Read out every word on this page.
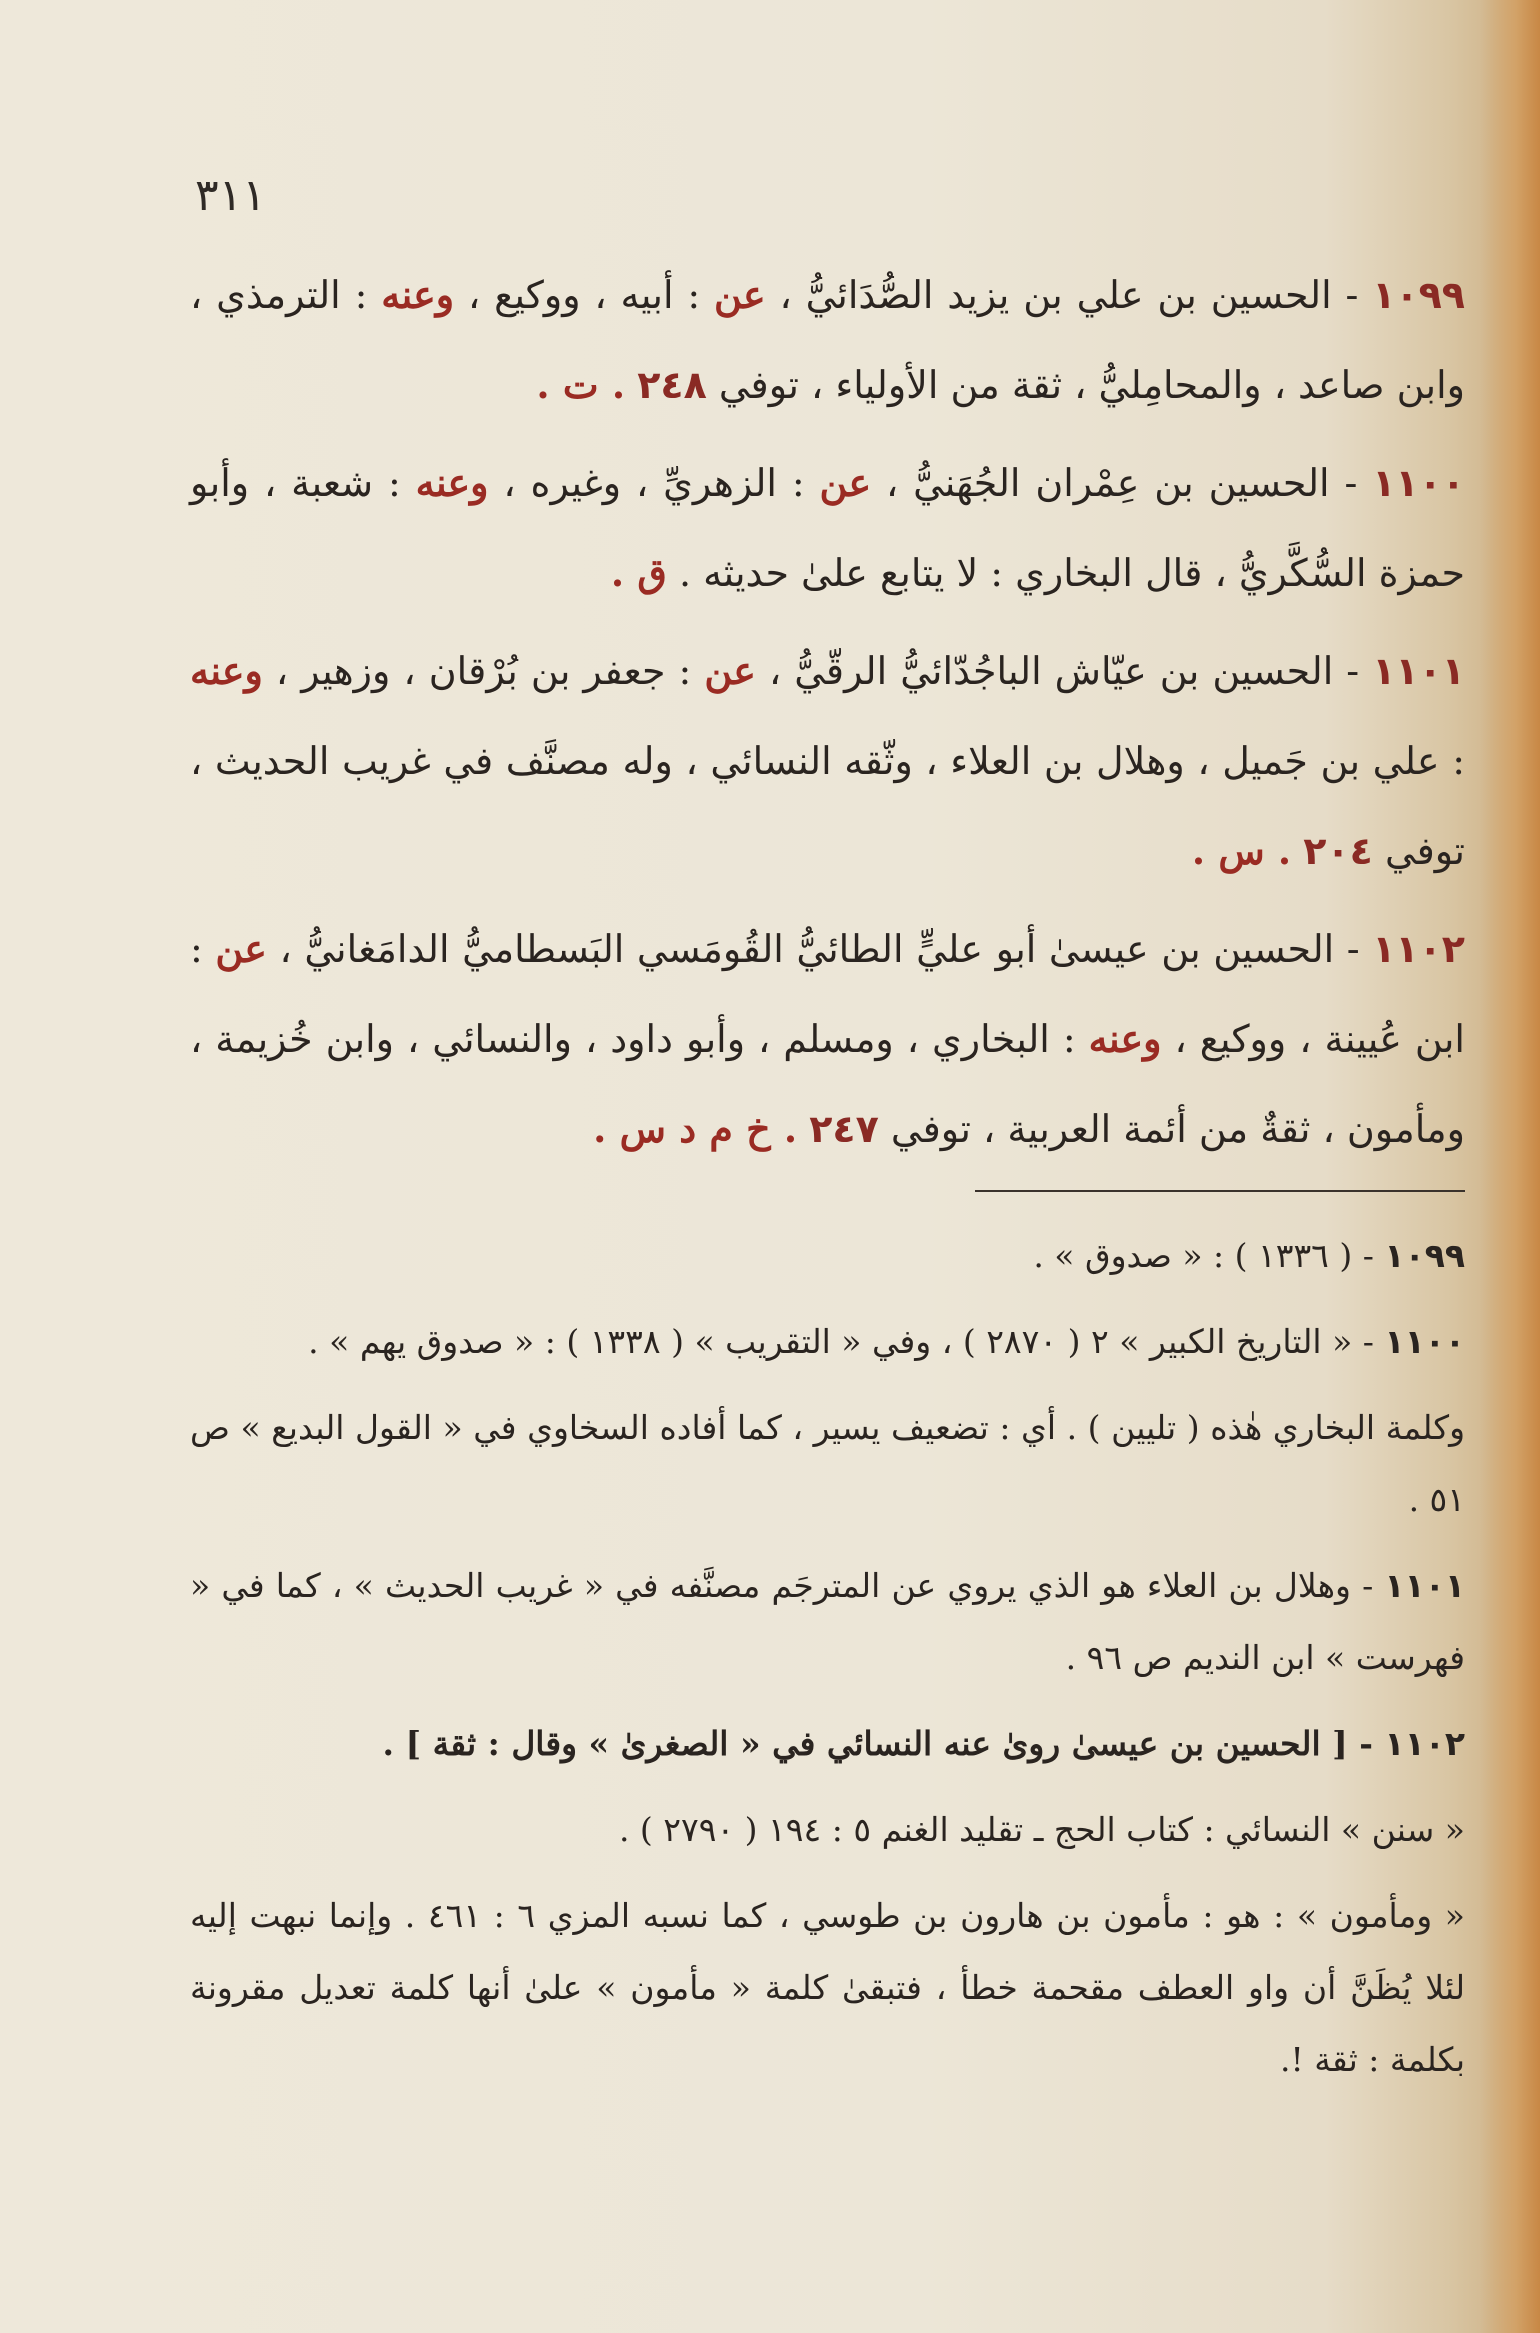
٣١١

١٠٩٩ - الحسين بن علي بن يزيد الصُّدَائيُّ ، عن : أبيه ، ووكيع ، وعنه : الترمذي ، وابن صاعد ، والمحامِليُّ ، ثقة من الأولياء ، توفي ٢٤٨ . ت .

١١٠٠ - الحسين بن عِمْران الجُهَنيُّ ، عن : الزهريِّ ، وغيره ، وعنه : شعبة ، وأبو حمزة السُّكَّريُّ ، قال البخاري : لا يتابع علىٰ حديثه . ق .

١١٠١ - الحسين بن عيّاش الباجُدّائيُّ الرقّيُّ ، عن : جعفر بن بُرْقان ، وزهير ، وعنه : علي بن جَميل ، وهلال بن العلاء ، وثّقه النسائي ، وله مصنَّف في غريب الحديث ، توفي ٢٠٤ . س .

١١٠٢ - الحسين بن عيسىٰ أبو عليٍّ الطائيُّ القُومَسي البَسطاميُّ الدامَغانيُّ ، عن : ابن عُيينة ، ووكيع ، وعنه : البخاري ، ومسلم ، وأبو داود ، والنسائي ، وابن خُزيمة ، ومأمون ، ثقةٌ من أئمة العربية ، توفي ٢٤٧ . خ م د س .

١٠٩٩ - ( ١٣٣٦ ) : « صدوق » .

١١٠٠ - « التاريخ الكبير » ٢ ( ٢٨٧٠ ) ، وفي « التقريب » ( ١٣٣٨ ) : « صدوق يهم » .

وكلمة البخاري هٰذه ( تليين ) . أي : تضعيف يسير ، كما أفاده السخاوي في « القول البديع » ص ٥١ .

١١٠١ - وهلال بن العلاء هو الذي يروي عن المترجَم مصنَّفه في « غريب الحديث » ، كما في « فهرست » ابن النديم ص ٩٦ .

١١٠٢ - [ الحسين بن عيسىٰ روىٰ عنه النسائي في « الصغرىٰ » وقال : ثقة ] .

« سنن » النسائي : كتاب الحج ـ تقليد الغنم ٥ : ١٩٤ ( ٢٧٩٠ ) .

« ومأمون » : هو : مأمون بن هارون بن طوسي ، كما نسبه المزي ٦ : ٤٦١ . وإنما نبهت إليه لئلا يُظَنَّ أن واو العطف مقحمة خطأ ، فتبقىٰ كلمة « مأمون » علىٰ أنها كلمة تعديل مقرونة بكلمة : ثقة !.
